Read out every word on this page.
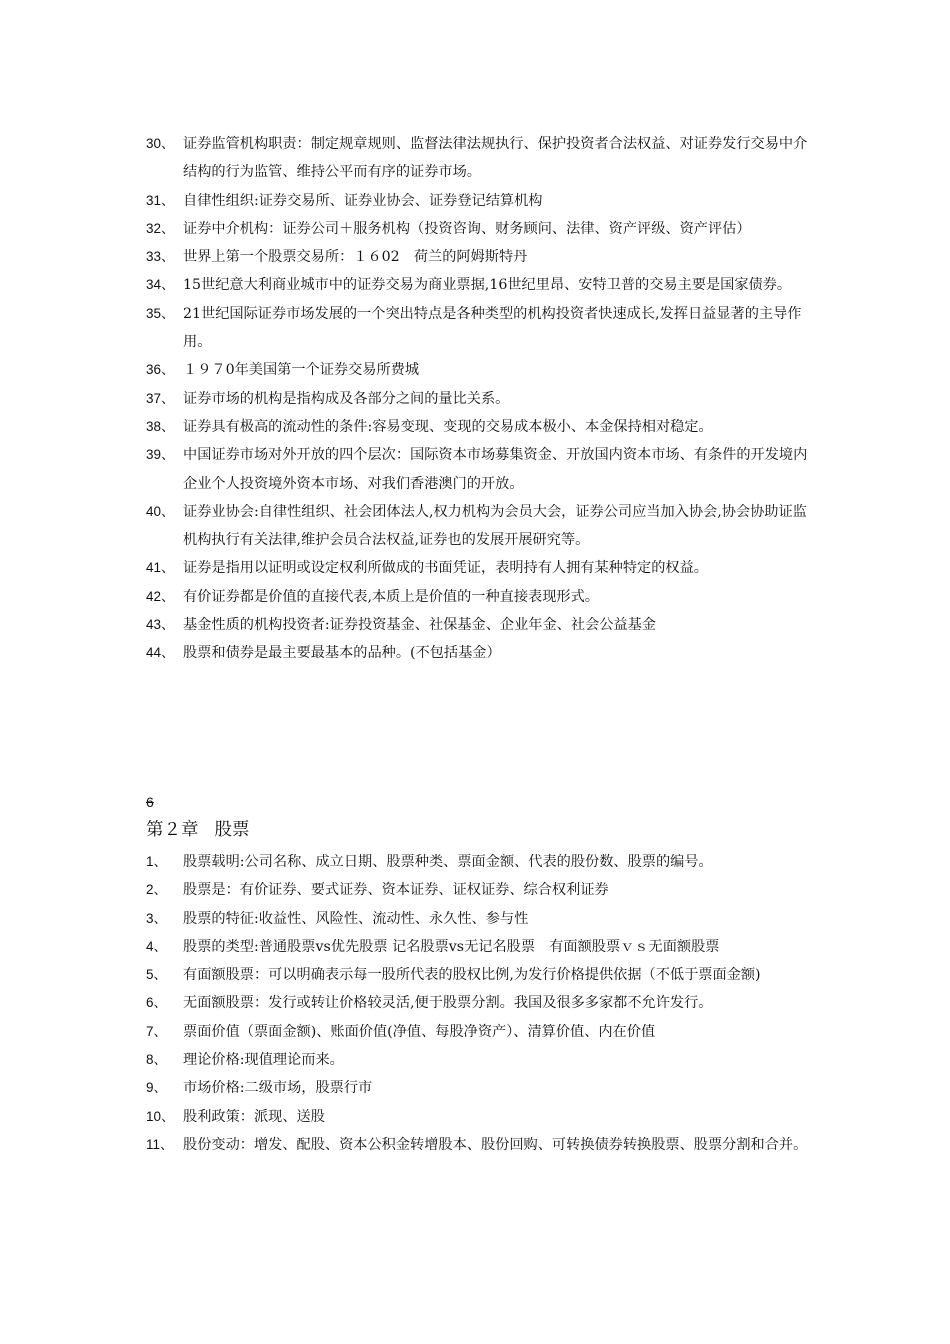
30、 证券监管机构职责：制定规章规则、监督法律法规执行、保护投资者合法权益、对证券发行交易中介结构的行为监管、维持公平而有序的证券市场。
31、 自律性组织:证券交易所、证券业协会、证券登记结算机构
32、 证券中介机构：证券公司＋服务机构（投资咨询、财务顾问、法律、资产评级、资产评估）
33、 世界上第一个股票交易所：１６02　荷兰的阿姆斯特丹
34、 15世纪意大利商业城市中的证券交易为商业票据,16世纪里昂、安特卫普的交易主要是国家债券。
35、 21世纪国际证券市场发展的一个突出特点是各种类型的机构投资者快速成长,发挥日益显著的主导作用。
36、 １９７0年美国第一个证券交易所费城
37、 证券市场的机构是指构成及各部分之间的量比关系。
38、 证券具有极高的流动性的条件:容易变现、变现的交易成本极小、本金保持相对稳定。
39、 中国证券市场对外开放的四个层次：国际资本市场募集资金、开放国内资本市场、有条件的开发境内企业个人投资境外资本市场、对我们香港澳门的开放。
40、 证券业协会:自律性组织、社会团体法人,权力机构为会员大会，证券公司应当加入协会,协会协助证监机构执行有关法律,维护会员合法权益,证券也的发展开展研究等。
41、 证券是指用以证明或设定权利所做成的书面凭证，表明持有人拥有某种特定的权益。
42、 有价证券都是价值的直接代表,本质上是价值的一种直接表现形式。
43、 基金性质的机构投资者:证券投资基金、社保基金、企业年金、社会公益基金
44、 股票和债券是最主要最基本的品种。(不包括基金）
6
第２章 股票
1、 股票载明:公司名称、成立日期、股票种类、票面金额、代表的股份数、股票的编号。
2、 股票是：有价证券、要式证券、资本证券、证权证券、综合权利证券
3、 股票的特征:收益性、风险性、流动性、永久性、参与性
4、 股票的类型:普通股票vs优先股票 记名股票vs无记名股票　有面额股票ｖｓ无面额股票
5、 有面额股票：可以明确表示每一股所代表的股权比例,为发行价格提供依据（不低于票面金额)
6、 无面额股票：发行或转让价格较灵活,便于股票分割。我国及很多多家都不允许发行。
7、 票面价值（票面金额)、账面价值(净值、每股净资产）、清算价值、内在价值
8、 理论价格:现值理论而来。
9、 市场价格:二级市场，股票行市
10、 股利政策：派现、送股
11、 股份变动：增发、配股、资本公积金转增股本、股份回购、可转换债券转换股票、股票分割和合并。
